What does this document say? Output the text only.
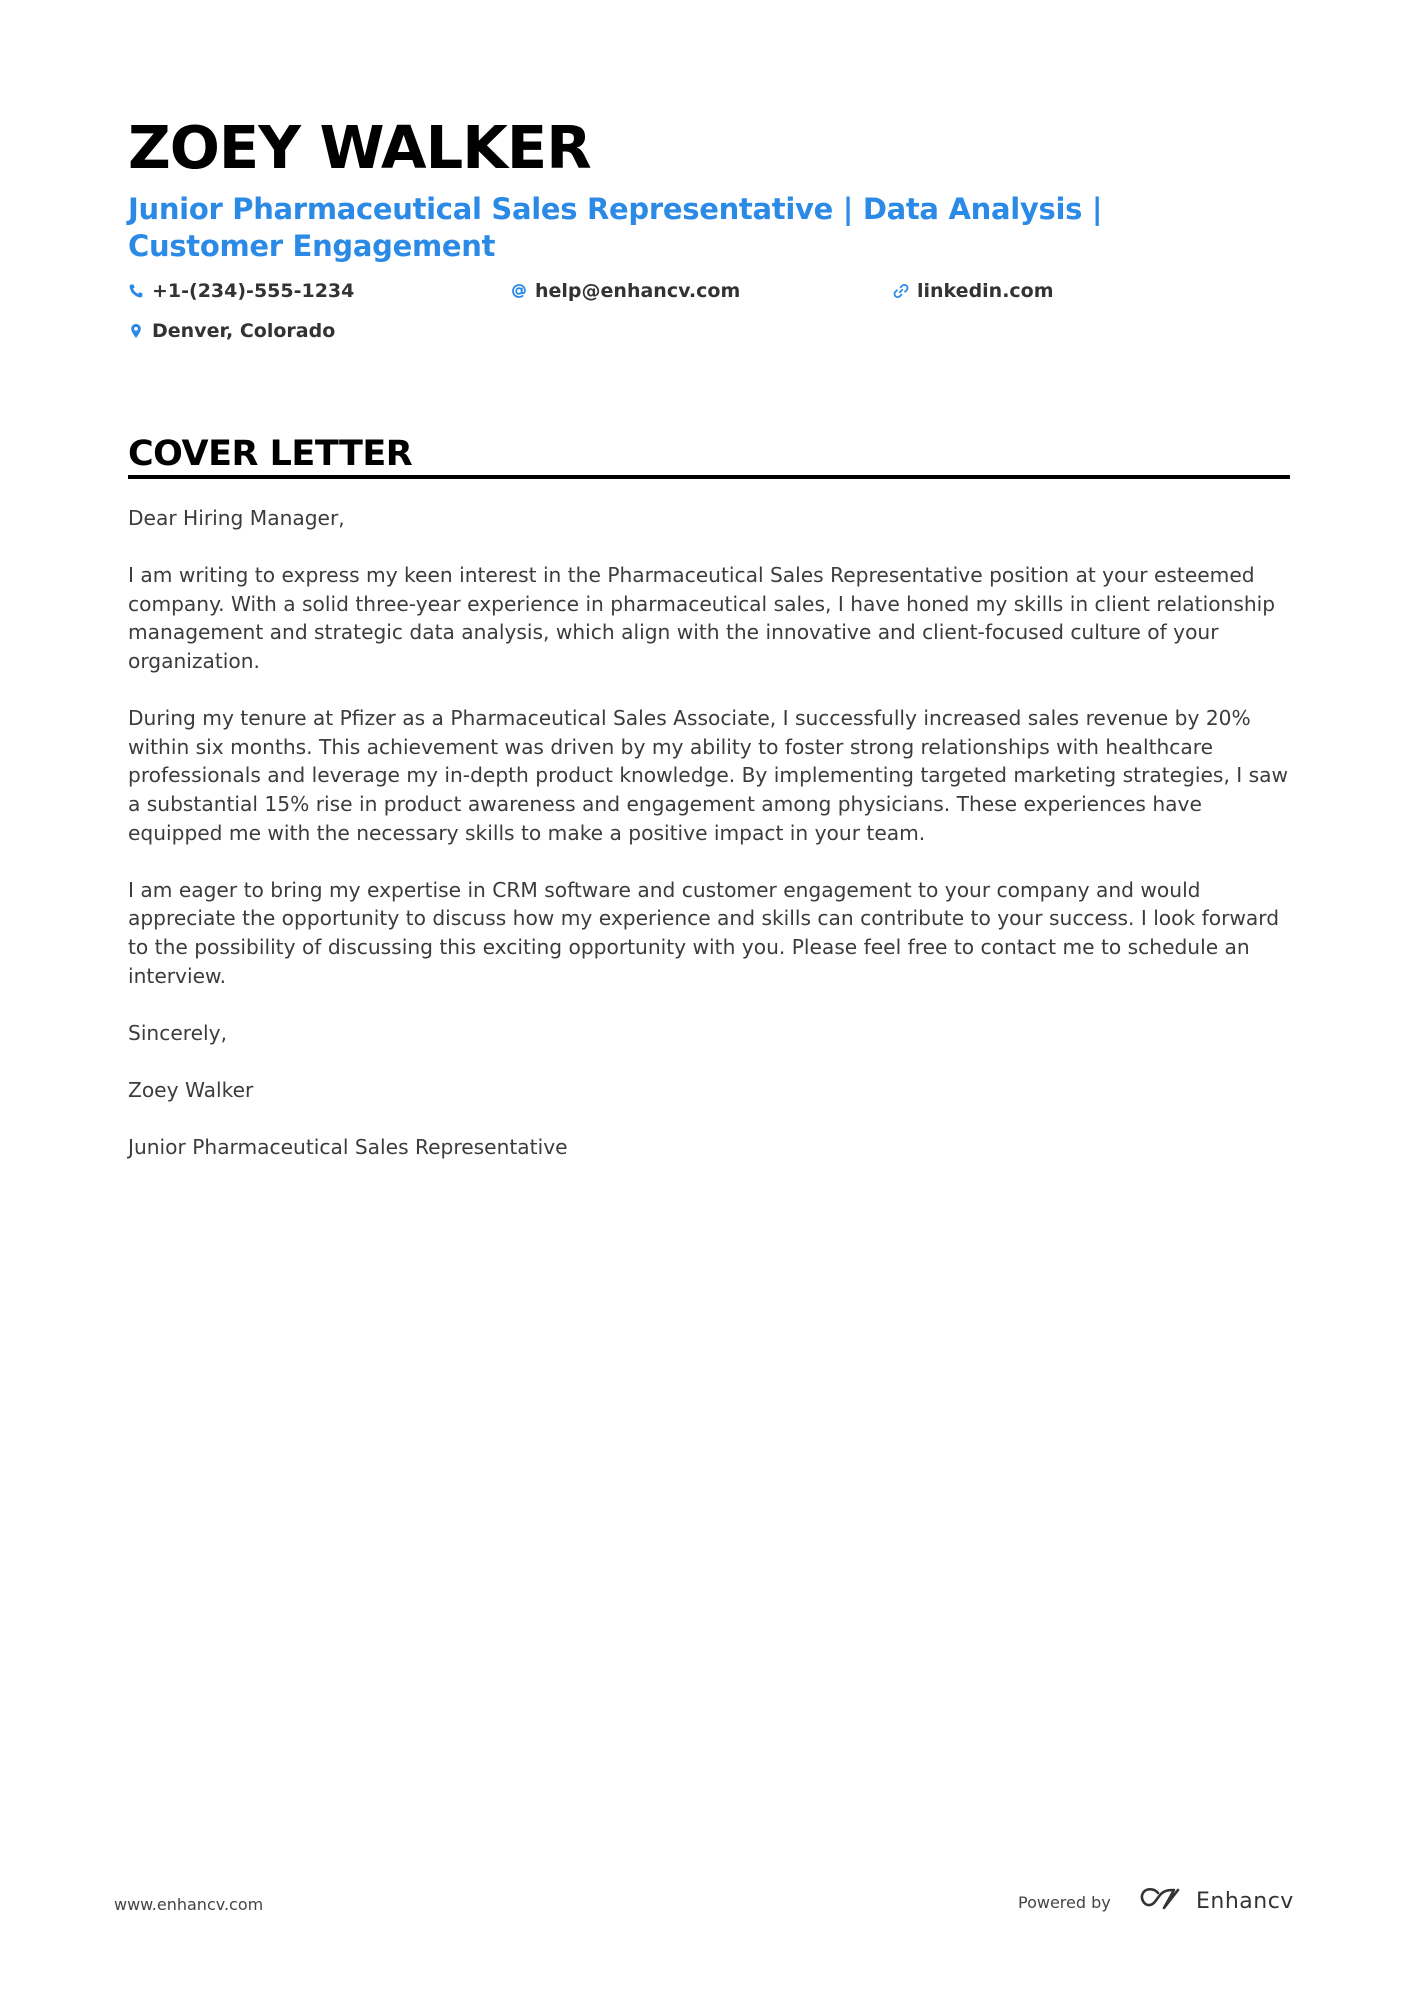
ZOEY WALKER
Junior Pharmaceutical Sales Representative | Data Analysis | Customer Engagement
+1-(234)-555-1234	help@enhancv.com	linkedin.com
Denver, Colorado
COVER LETTER

Dear Hiring Manager,

I am writing to express my keen interest in the Pharmaceutical Sales Representative position at your esteemed company. With a solid three-year experience in pharmaceutical sales, I have honed my skills in client relationship management and strategic data analysis, which align with the innovative and client-focused culture of your organization.

During my tenure at Pfizer as a Pharmaceutical Sales Associate, I successfully increased sales revenue by 20% within six months. This achievement was driven by my ability to foster strong relationships with healthcare professionals and leverage my in-depth product knowledge. By implementing targeted marketing strategies, I saw a substantial 15% rise in product awareness and engagement among physicians. These experiences have equipped me with the necessary skills to make a positive impact in your team.

I am eager to bring my expertise in CRM software and customer engagement to your company and would appreciate the opportunity to discuss how my experience and skills can contribute to your success. I look forward to the possibility of discussing this exciting opportunity with you. Please feel free to contact me to schedule an interview.

Sincerely,

Zoey Walker

Junior Pharmaceutical Sales Representative

www.enhancv.com	Powered by	Enhancv
